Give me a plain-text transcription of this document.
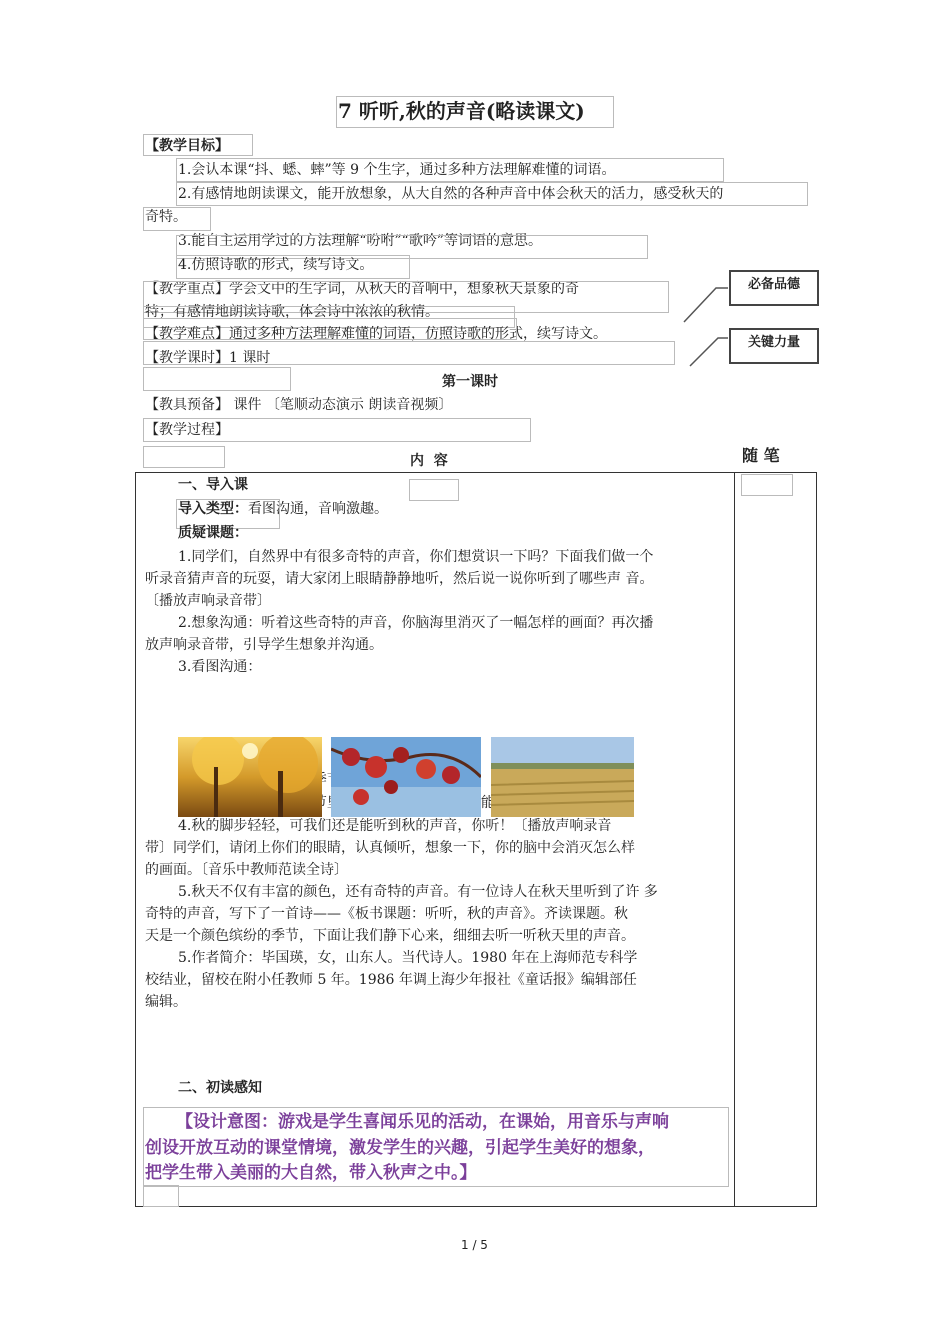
7 听听,秋的声音(略读课文)
【教学目标】
1.会认本课“抖、蟋、蟀”等 9 个生字，通过多种方法理解难懂的词语。
2.有感情地朗读课文，能开放想象，从大自然的各种声音中体会秋天的活力，感受秋天的
奇特。
3.能自主运用学过的方法理解“吩咐”“歌吟”等词语的意思。
4.仿照诗歌的形式，续写诗文。
【教学重点】学会文中的生字词，从秋天的音响中，想象秋天景象的奇
特；有感情地朗读诗歌，体会诗中浓浓的秋情。
【教学难点】通过多种方法理解难懂的词语，仿照诗歌的形式，续写诗文。
【教学课时】1 课时
必备品德
关键力量
第一课时
【教具预备】 课件 〔笔顺动态演示 朗读音视频〕
【教学过程】
内  容	随 笔
一、导入课
导入类型：看图沟通，音响激趣。
质疑课题：
1.同学们，自然界中有很多奇特的声音，你们想赏识一下吗？下面我们做一个
听录音猜声音的玩耍，请大家闭上眼睛静静地听，然后说一说你听到了哪些声 音。
〔播放声响录音带〕
2.想象沟通：听着这些奇特的声音，你脑海里消灭了一幅怎样的画面？再次播
放声响录音带，引导学生想象并沟通。
3.看图沟通：
4.秋的脚步轻轻，可我们还是能听到秋的声音，你听！〔播放声响录音
带〕同学们，请闭上你们的眼睛，认真倾听，想象一下，你的脑中会消灭怎么样
的画面。〔音乐中教师范读全诗〕
5.秋天不仅有丰富的颜色，还有奇特的声音。有一位诗人在秋天里听到了许 多
奇特的声音，写下了一首诗——《板书课题：听听，秋的声音》。齐读课题。秋
天是一个颜色缤纷的季节，下面让我们静下心来，细细去听一听秋天里的声音。
5.作者简介：毕国瑛，女，山东人。当代诗人。1980 年在上海师范专科学
校结业，留校在附小任教师 5 年。1986 年调上海少年报社《童话报》编辑部任
编辑。
二、初读感知
【设计意图：游戏是学生喜闻乐见的活动，在课始，用音乐与声响
创设开放互动的课堂情境，激发学生的兴趣，引起学生美好的想象，
把学生带入美丽的大自然，带入秋声之中。】
1 / 5
